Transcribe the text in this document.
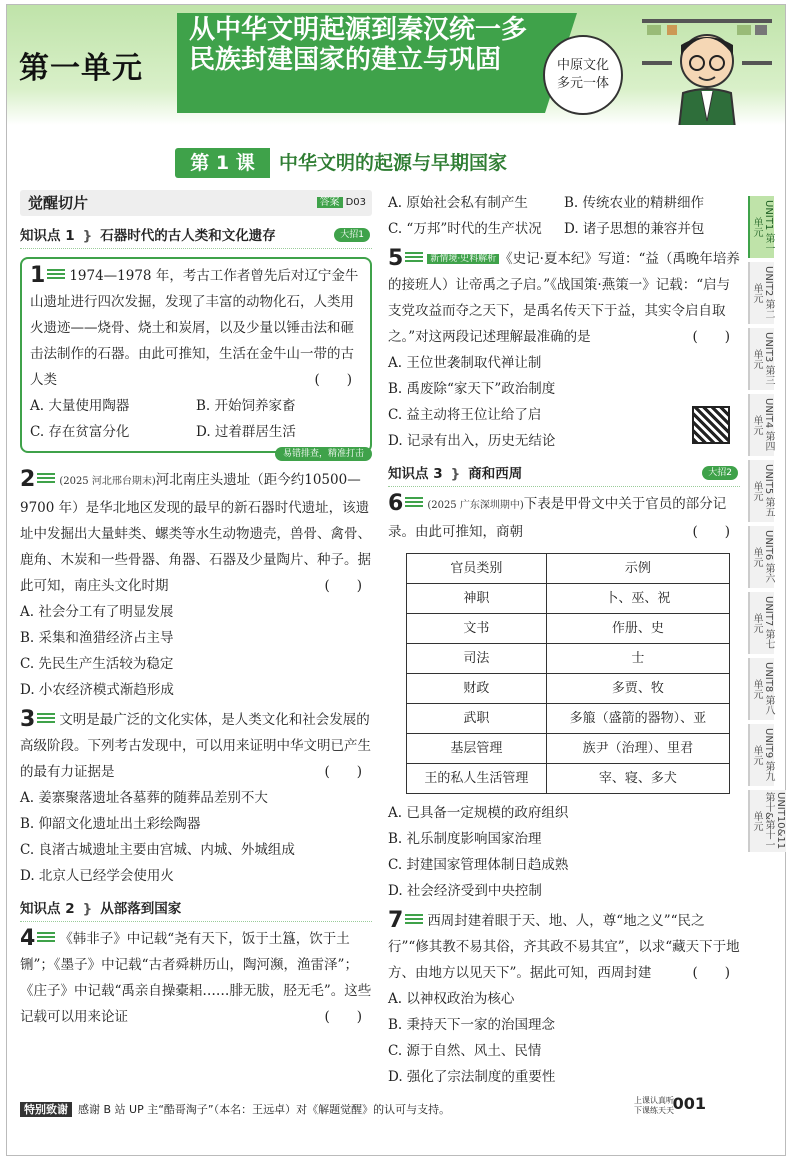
第一单元
从中华文明起源到秦汉统一多民族封建国家的建立与巩固	中原文化
多元一体
第 1 课	中华文明的起源与早期国家
觉醒切片	答案 D03
知识点 1 } 石器时代的古人类和文化遗存	大招1
1 1974—1978 年，考古工作者曾先后对辽宁金牛山遗址进行四次发掘，发现了丰富的动物化石，人类用火遗迹——烧骨、烧土和炭屑，以及少量以锤击法和砸击法制作的石器。由此可推知，生活在金牛山一带的古人类	(　　)
A. 大量使用陶器	B. 开始饲养家畜
C. 存在贫富分化	D. 过着群居生活
易错排查，精准打击
2 (2025 河北邢台期末)河北南庄头遗址（距今约10500—9700 年）是华北地区发现的最早的新石器时代遗址，该遗址中发掘出大量蚌类、螺类等水生动物遗壳，兽骨、禽骨、鹿角、木炭和一些骨器、角器、石器及少量陶片、种子。据此可知，南庄头文化时期	(　　)
A. 社会分工有了明显发展
B. 采集和渔猎经济占主导
C. 先民生产生活较为稳定
D. 小农经济模式渐趋形成
3 文明是最广泛的文化实体，是人类文化和社会发展的高级阶段。下列考古发现中，可以用来证明中华文明已产生的最有力证据是	(　　)
A. 姜寨聚落遗址各墓葬的随葬品差别不大
B. 仰韶文化遗址出土彩绘陶器
C. 良渚古城遗址主要由宫城、内城、外城组成
D. 北京人已经学会使用火
知识点 2 } 从部落到国家
4 《韩非子》中记载“尧有天下，饭于土簋，饮于土铏”；《墨子》中记载“古者舜耕历山，陶河濒，渔雷泽”；《庄子》中记载“禹亲自操橐耜……腓无胈，胫无毛”。这些记载可以用来论证	(　　)
A. 原始社会私有制产生	B. 传统农业的精耕细作
C. “万邦”时代的生产状况	D. 诸子思想的兼容并包
5	新情境·史料解析 《史记·夏本纪》写道：“益（禹晚年培养的接班人）让帝禹之子启。”《战国策·燕策一》记载：“启与支党攻益而夺之天下，是禹名传天下于益，其实令启自取之。”对这两段记述理解最准确的是	(　　)
A. 王位世袭制取代禅让制
B. 禹废除“家天下”政治制度
C. 益主动将王位让给了启
D. 记录有出入，历史无结论
知识点 3 } 商和西周	大招2
6 (2025 广东深圳期中)下表是甲骨文中关于官员的部分记录。由此可推知，商朝	(　　)
官员类别	示例
神职	卜、巫、祝
文书	作册、史
司法	士
财政	多贾、牧
武职	多箙（盛箭的器物）、亚
基层管理	族尹（治理）、里君
王的私人生活管理	宰、寝、多犬
A. 已具备一定规模的政府组织
B. 礼乐制度影响国家治理
C. 封建国家管理体制日趋成熟
D. 社会经济受到中央控制
7 西周封建着眼于天、地、人，尊“地之义”“民之行”“修其教不易其俗，齐其政不易其宜”，以求“藏天下于地方、由地方以见天下”。据此可知，西周封建	(　　)
A. 以神权政治为核心
B. 秉持天下一家的治国理念
C. 源于自然、风土、民情
D. 强化了宗法制度的重要性
UNIT1 第一单元
UNIT2 第二单元
UNIT3 第三单元
UNIT4 第四单元
UNIT5 第五单元
UNIT6 第六单元
UNIT7 第七单元
UNIT8 第八单元
UNIT9 第九单元
UNIT10&11 第十&第十一单元
特别致谢 感谢 B 站 UP 主“酷哥淘子”（本名：王远卓）对《解题觉醒》的认可与支持。
上课认真听
下课练天天
001
